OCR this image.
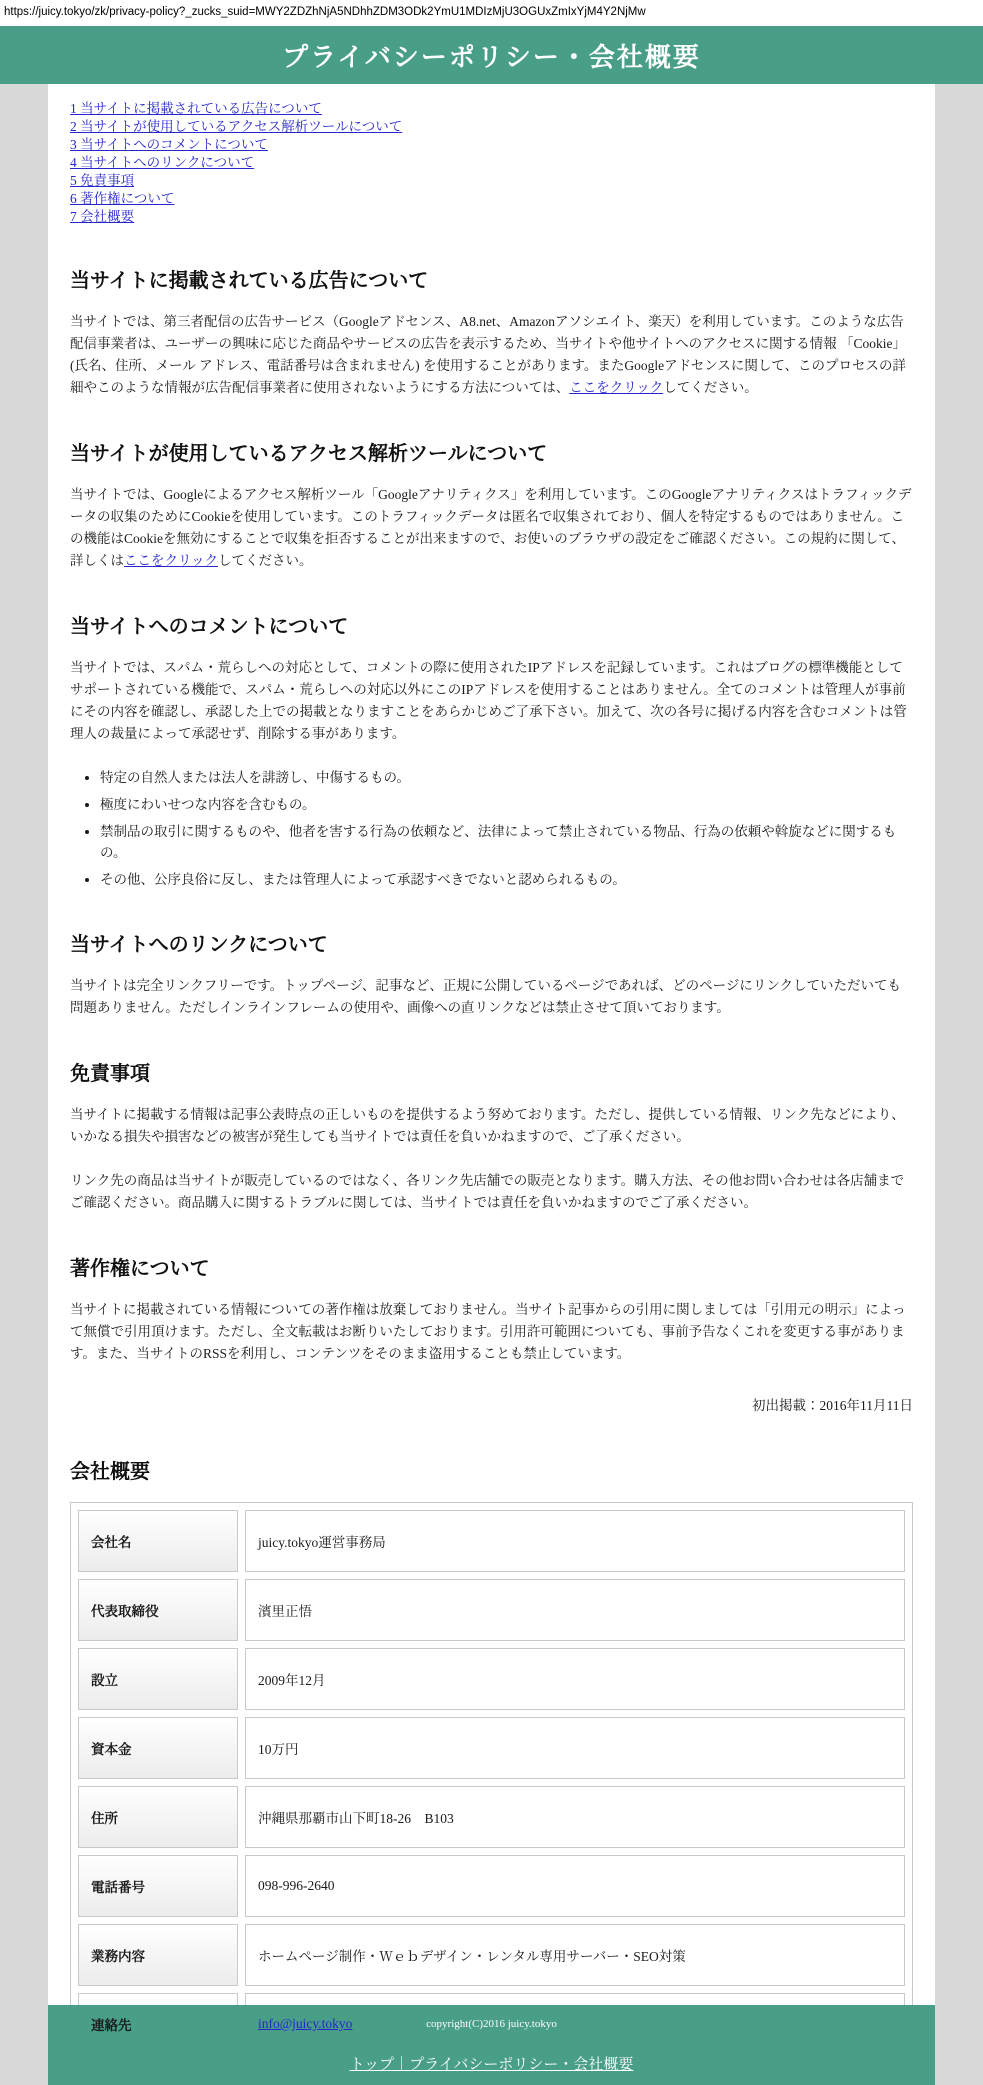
https://juicy.tokyo/zk/privacy-policy?_zucks_suid=MWY2ZDZhNjA5NDhhZDM3ODk2YmU1MDIzMjU3OGUxZmIxYjM4Y2NjMw
プライバシーポリシー・会社概要
1 当サイトに掲載されている広告について
2 当サイトが使用しているアクセス解析ツールについて
3 当サイトへのコメントについて
4 当サイトへのリンクについて
5 免責事項
6 著作権について
7 会社概要
当サイトに掲載されている広告について

当サイトでは、第三者配信の広告サービス（Googleアドセンス、A8.net、Amazonアソシエイト、楽天）を利用しています。このような広告配信事業者は、ユーザーの興味に応じた商品やサービスの広告を表示するため、当サイトや他サイトへのアクセスに関する情報 「Cookie」(氏名、住所、メール アドレス、電話番号は含まれません) を使用することがあります。またGoogleアドセンスに関して、このプロセスの詳細やこのような情報が広告配信事業者に使用されないようにする方法については、ここをクリックしてください。

当サイトが使用しているアクセス解析ツールについて

当サイトでは、Googleによるアクセス解析ツール「Googleアナリティクス」を利用しています。このGoogleアナリティクスはトラフィックデータの収集のためにCookieを使用しています。このトラフィックデータは匿名で収集されており、個人を特定するものではありません。この機能はCookieを無効にすることで収集を拒否することが出来ますので、お使いのブラウザの設定をご確認ください。この規約に関して、詳しくはここをクリックしてください。

当サイトへのコメントについて

当サイトでは、スパム・荒らしへの対応として、コメントの際に使用されたIPアドレスを記録しています。これはブログの標準機能としてサポートされている機能で、スパム・荒らしへの対応以外にこのIPアドレスを使用することはありません。全てのコメントは管理人が事前にその内容を確認し、承認した上での掲載となりますことをあらかじめご了承下さい。加えて、次の各号に掲げる内容を含むコメントは管理人の裁量によって承認せず、削除する事があります。

• 特定の自然人または法人を誹謗し、中傷するもの。
• 極度にわいせつな内容を含むもの。
• 禁制品の取引に関するものや、他者を害する行為の依頼など、法律によって禁止されている物品、行為の依頼や斡旋などに関するもの。
• その他、公序良俗に反し、または管理人によって承認すべきでないと認められるもの。
当サイトへのリンクについて

当サイトは完全リンクフリーです。トップページ、記事など、正規に公開しているページであれば、どのページにリンクしていただいても問題ありません。ただしインラインフレームの使用や、画像への直リンクなどは禁止させて頂いております。

免責事項

当サイトに掲載する情報は記事公表時点の正しいものを提供するよう努めております。ただし、提供している情報、リンク先などにより、いかなる損失や損害などの被害が発生しても当サイトでは責任を負いかねますので、ご了承ください。

リンク先の商品は当サイトが販売しているのではなく、各リンク先店舗での販売となります。購入方法、その他お問い合わせは各店舗までご確認ください。商品購入に関するトラブルに関しては、当サイトでは責任を負いかねますのでご了承ください。

著作権について

当サイトに掲載されている情報についての著作権は放棄しておりません。当サイト記事からの引用に関しましては「引用元の明示」によって無償で引用頂けます。ただし、全文転載はお断りいたしております。引用許可範囲についても、事前予告なくこれを変更する事があります。また、当サイトのRSSを利用し、コンテンツをそのまま盗用することも禁止しています。

初出掲載：2016年11月11日

会社概要
会社名	juicy.tokyo運営事務局
代表取締役	濱里正悟
設立	2009年12月
資本金	10万円
住所	沖縄県那覇市山下町18-26　B103
電話番号	098-996-2640
業務内容	ホームページ制作・Ｗｅｂデザイン・レンタル専用サーバー・SEO対策
連絡先	info@juicy.tokyo	copyright(C)2016 juicy.tokyo
トップ｜プライバシーポリシー・会社概要
